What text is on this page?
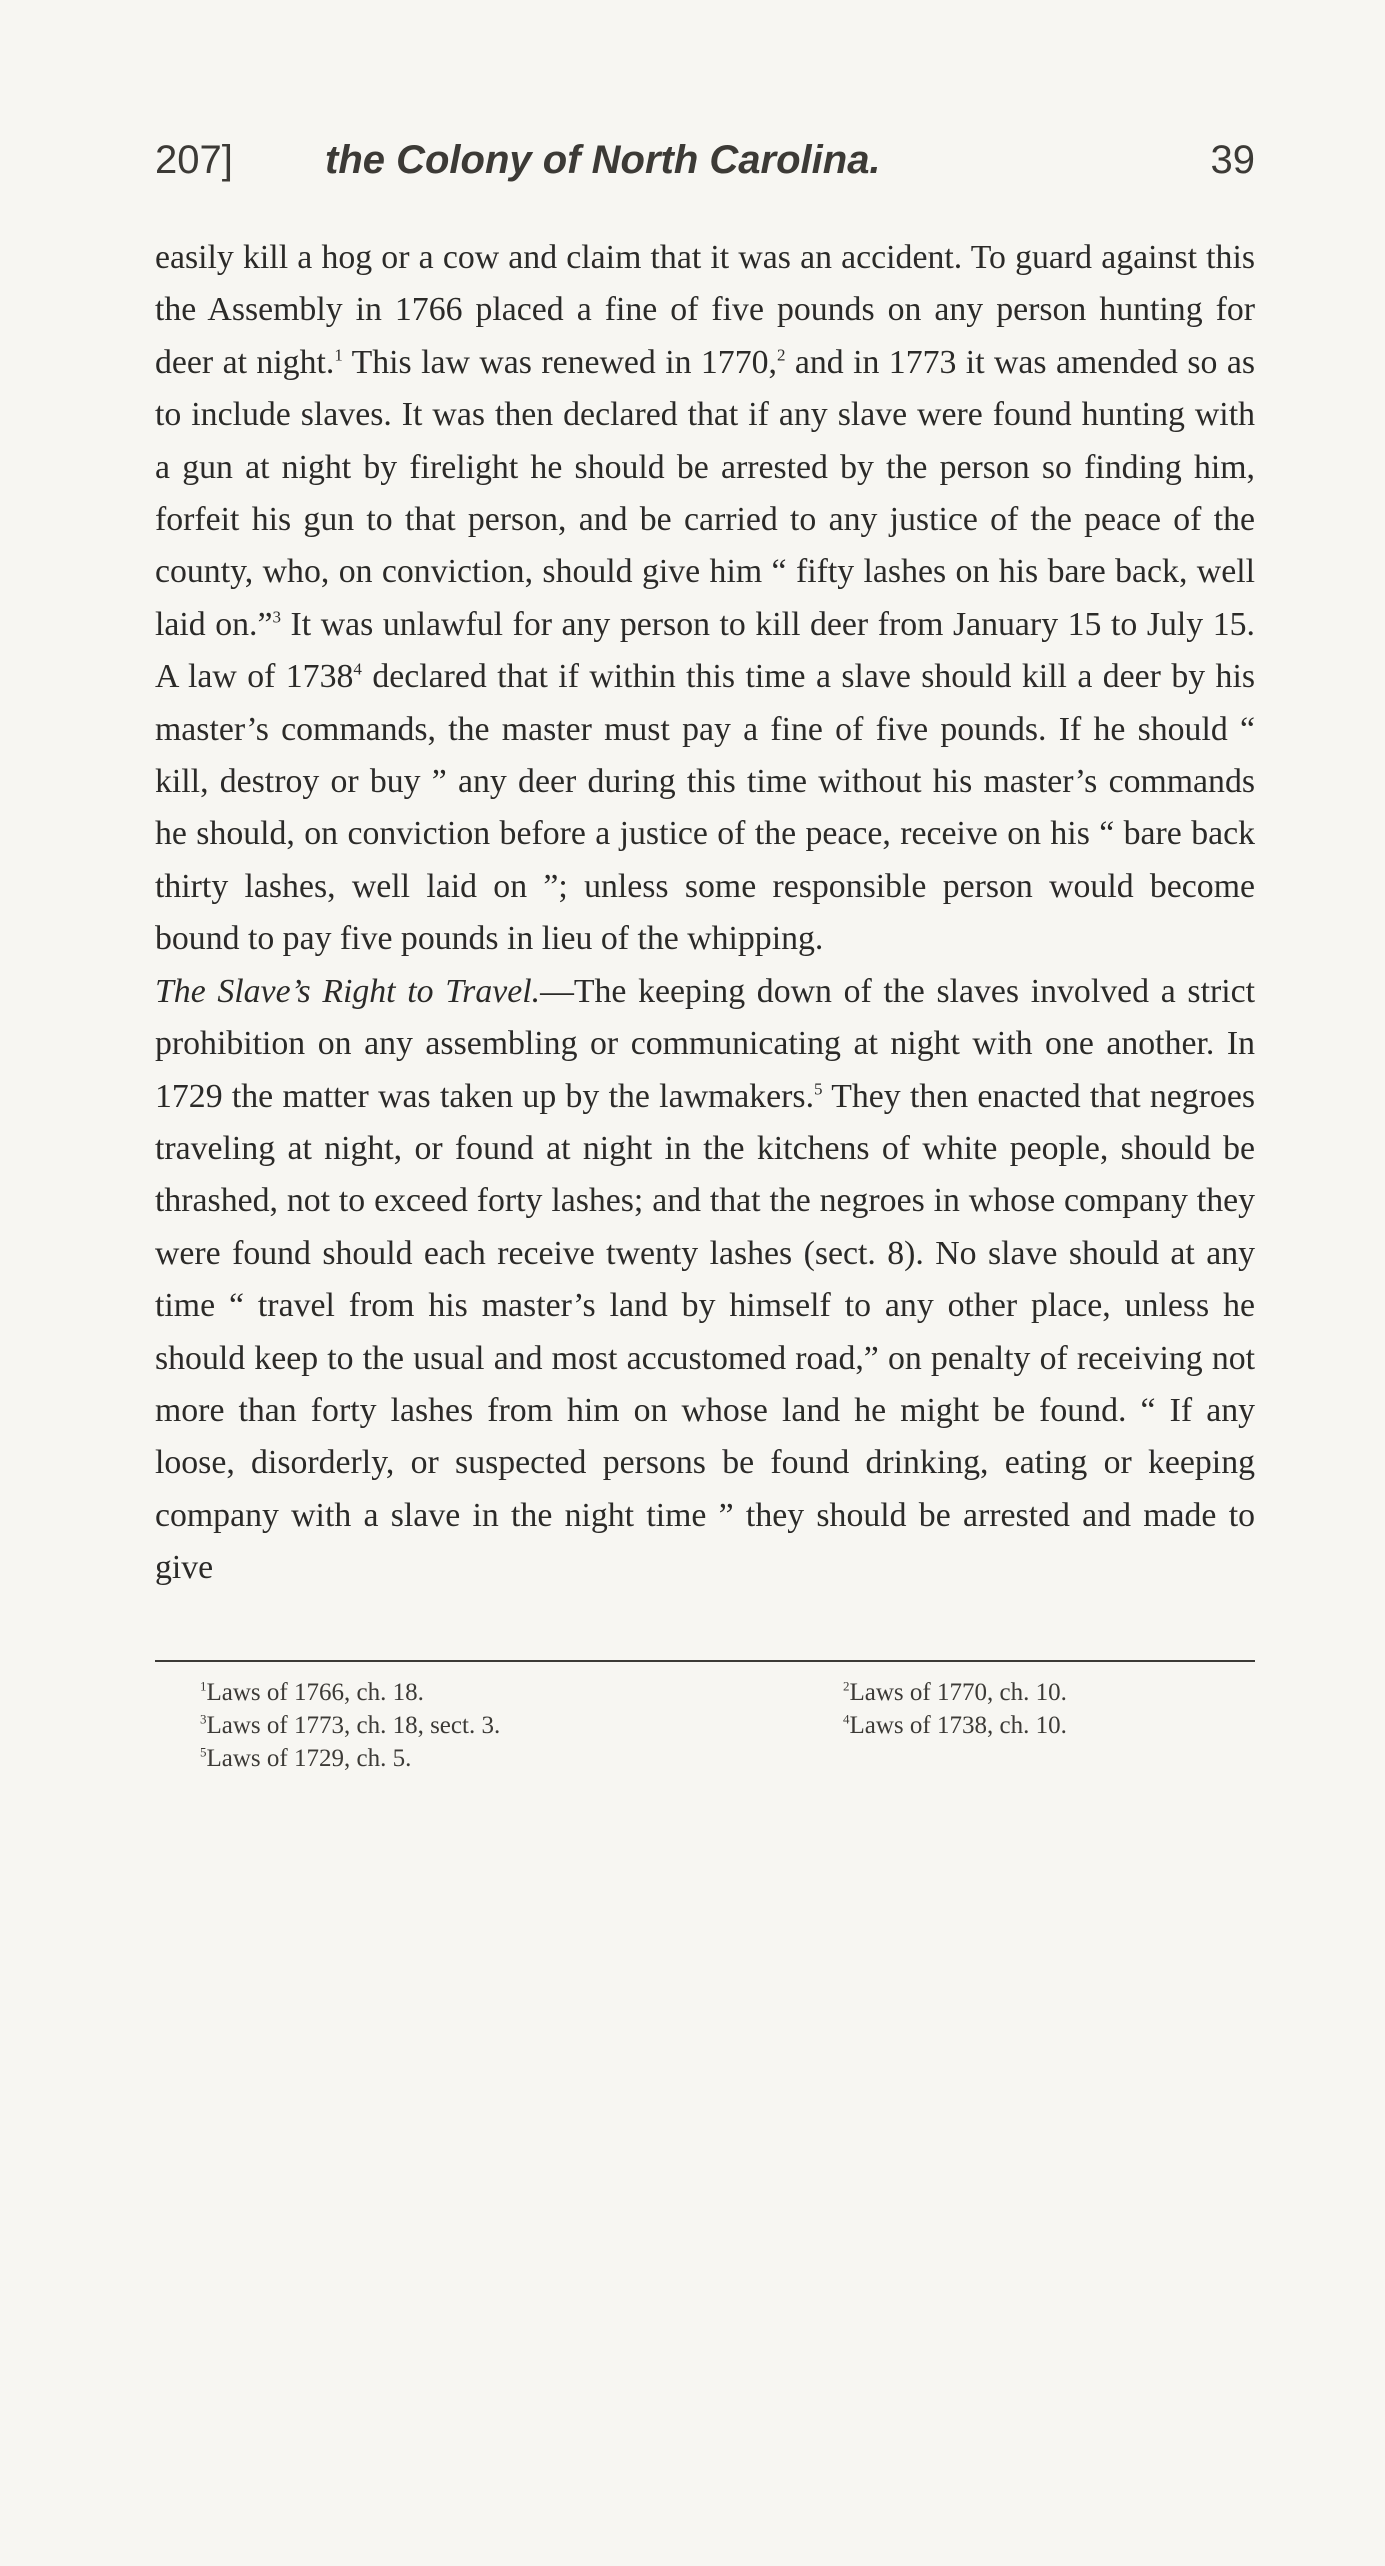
207] the Colony of North Carolina.	39

easily kill a hog or a cow and claim that it was an accident. To guard against this the Assembly in 1766 placed a fine of five pounds on any person hunting for deer at night.$^1$ This law was renewed in 1770,$^2$ and in 1773 it was amended so as to include slaves. It was then declared that if any slave were found hunting with a gun at night by firelight he should be arrested by the person so finding him, forfeit his gun to that person, and be carried to any justice of the peace of the county, who, on conviction, should give him “ fifty lashes on his bare back, well laid on.”$^3$ It was unlawful for any person to kill deer from January 15 to July 15. A law of 1738$^4$ declared that if within this time a slave should kill a deer by his master’s commands, the master must pay a fine of five pounds. If he should “ kill, destroy or buy ” any deer during this time without his master’s commands he should, on conviction before a justice of the peace, receive on his “ bare back thirty lashes, well laid on ”; unless some responsible person would become bound to pay five pounds in lieu of the whipping.

The Slave’s Right to Travel.—The keeping down of the slaves involved a strict prohibition on any assembling or communicating at night with one another. In 1729 the matter was taken up by the lawmakers.$^5$ They then enacted that negroes traveling at night, or found at night in the kitchens of white people, should be thrashed, not to exceed forty lashes; and that the negroes in whose company they were found should each receive twenty lashes (sect. 8). No slave should at any time “ travel from his master’s land by himself to any other place, unless he should keep to the usual and most accustomed road,” on penalty of receiving not more than forty lashes from him on whose land he might be found. “ If any loose, disorderly, or suspected persons be found drinking, eating or keeping company with a slave in the night time ” they should be arrested and made to give

$^1$Laws of 1766, ch. 18.	$^2$Laws of 1770, ch. 10.
$^3$Laws of 1773, ch. 18, sect. 3.	$^4$Laws of 1738, ch. 10.
$^5$Laws of 1729, ch. 5.
